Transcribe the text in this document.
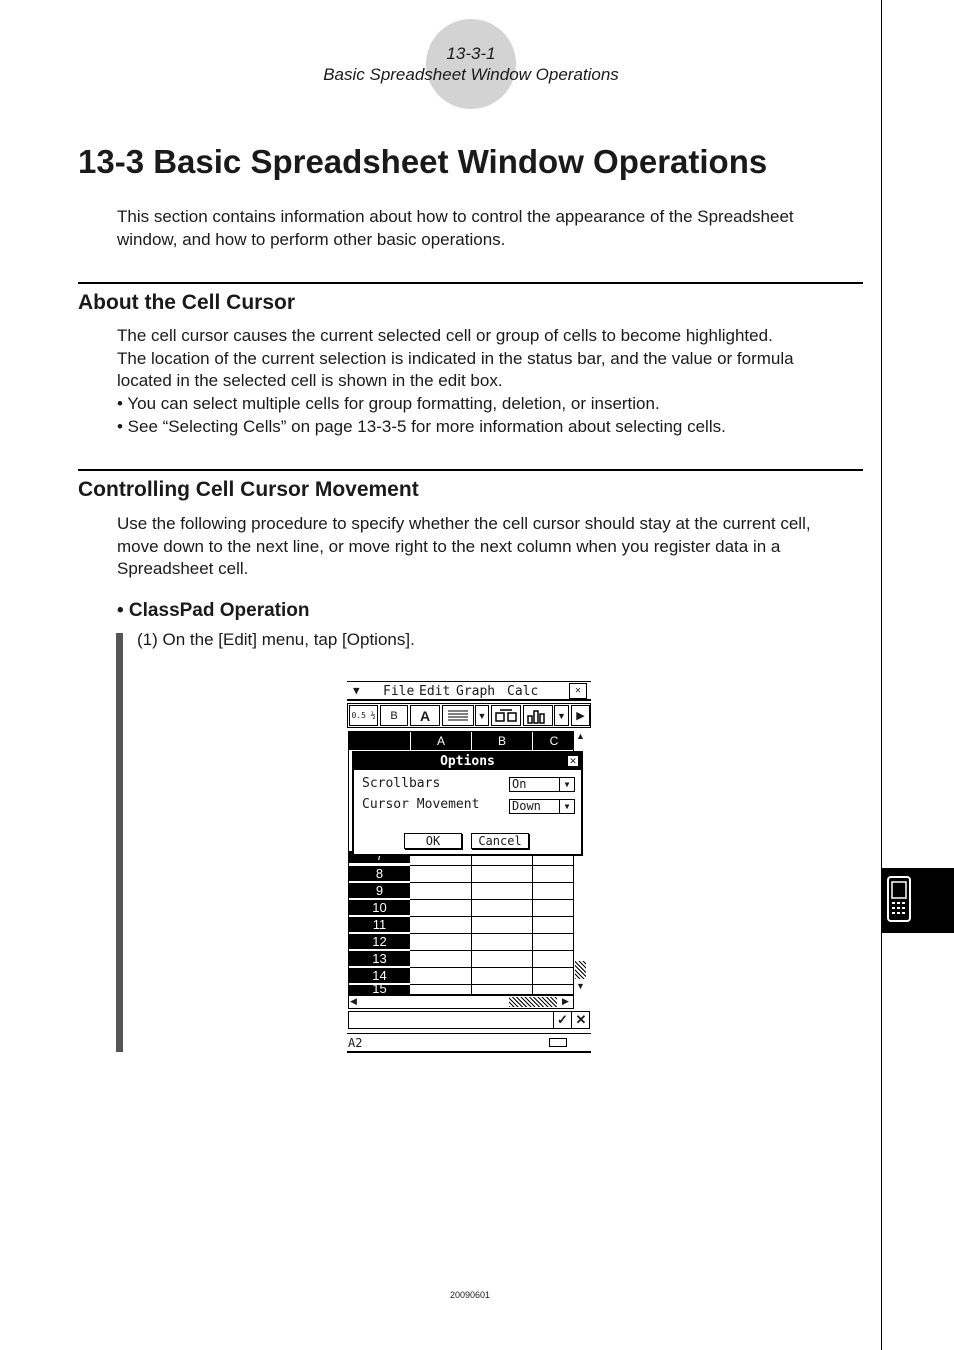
13-3-1
Basic Spreadsheet Window Operations
13-3 Basic Spreadsheet Window Operations
This section contains information about how to control the appearance of the Spreadsheet
window, and how to perform other basic operations.
About the Cell Cursor
The cell cursor causes the current selected cell or group of cells to become highlighted.
The location of the current selection is indicated in the status bar, and the value or formula
located in the selected cell is shown in the edit box.
• You can select multiple cells for group formatting, deletion, or insertion.
• See “Selecting Cells” on page 13-3-5 for more information about selecting cells.
Controlling Cell Cursor Movement
Use the following procedure to specify whether the cell cursor should stay at the current cell,
move down to the next line, or move right to the next column when you register data in a
Spreadsheet cell.
• ClassPad Operation
(1) On the [Edit] menu, tap [Options].
▼ File Edit Graph Calc	✕
0.5 ½	B	A	▼	▼ ▶
A	B	C
8
9
10
11
12
13
14
15
▲
▼
Options	✕
Scrollbars	On	▼
Cursor Movement	Down	▼
OK	Cancel
◀	▶
✓ ✕
A2
20090601
